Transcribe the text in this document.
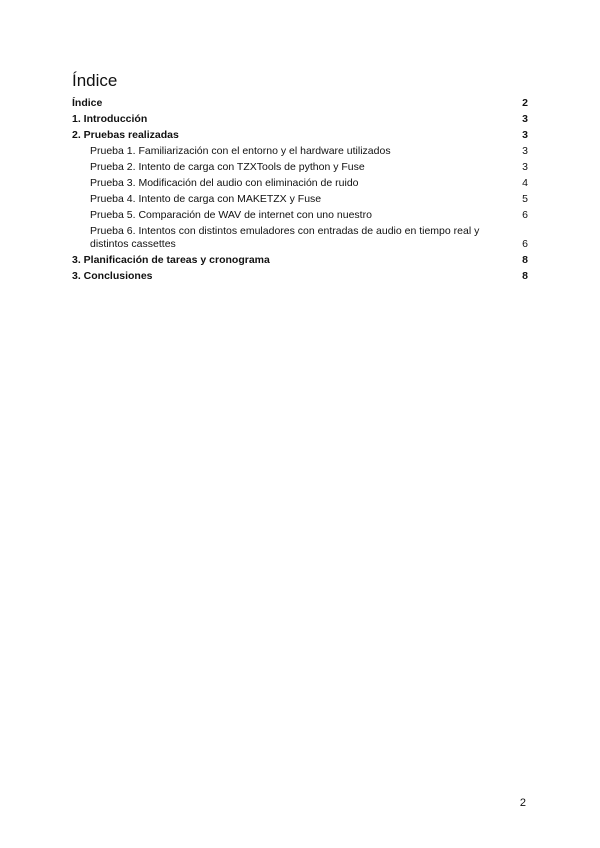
Índice
Índice	2
1. Introducción	3
2. Pruebas realizadas	3
Prueba 1. Familiarización con el entorno y el hardware utilizados	3
Prueba 2. Intento de carga con TZXTools de python y Fuse	3
Prueba 3. Modificación del audio con eliminación de ruido	4
Prueba 4. Intento de carga con MAKETZX y Fuse	5
Prueba 5. Comparación de WAV de internet con uno nuestro	6
Prueba 6. Intentos con distintos emuladores con entradas de audio en tiempo real y distintos cassettes	6
3. Planificación de tareas y cronograma	8
3. Conclusiones	8
2
